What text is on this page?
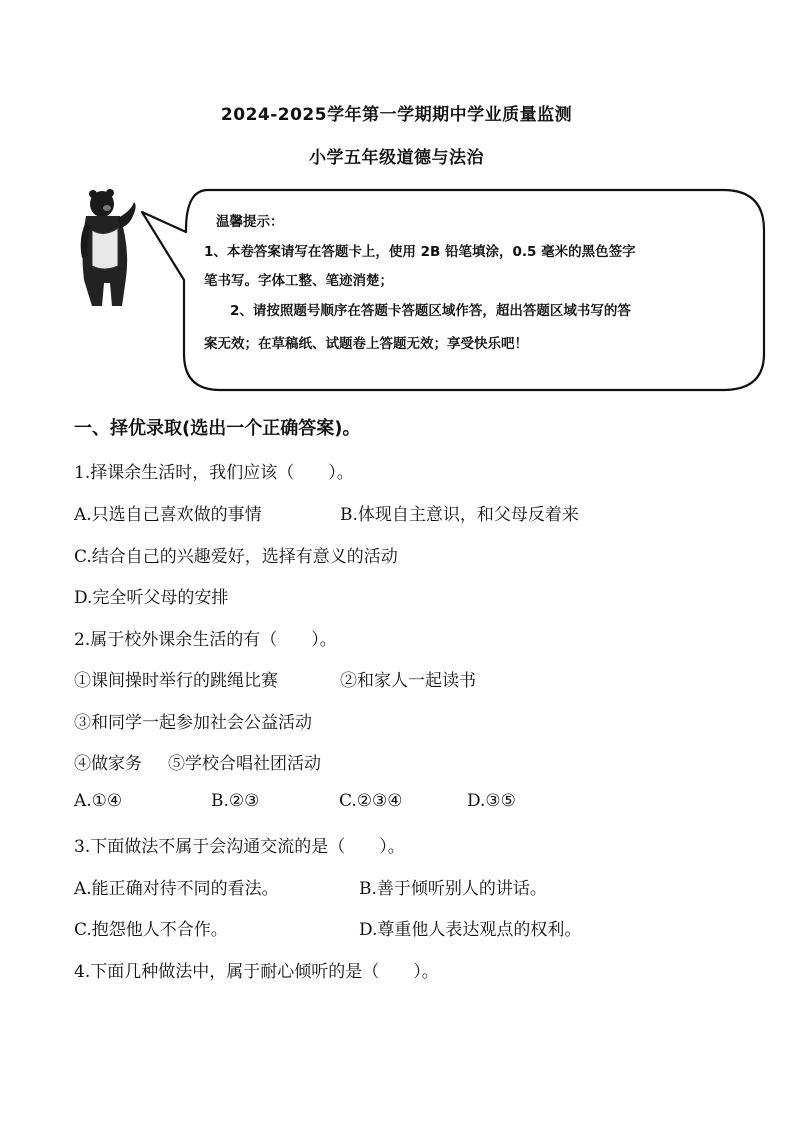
2024-2025学年第一学期期中学业质量监测
小学五年级道德与法治
温馨提示：
1、本卷答案请写在答题卡上，使用 2B 铅笔填涂，0.5 毫米的黑色签字
笔书写。字体工整、笔迹消楚；
2、请按照题号顺序在答题卡答题区域作答，超出答题区域书写的答
案无效；在草稿纸、试题卷上答题无效；享受快乐吧！
一、择优录取(选出一个正确答案)。
1.择课余生活时，我们应该（　　）。
A.只选自己喜欢做的事情	B.体现自主意识，和父母反着来
C.结合自己的兴趣爱好，选择有意义的活动
D.完全听父母的安排
2.属于校外课余生活的有（　　）。
①课间操时举行的跳绳比赛	②和家人一起读书
③和同学一起参加社会公益活动
④做家务 ⑤学校合唱社团活动
A.①④	B.②③	C.②③④	D.③⑤
3.下面做法不属于会沟通交流的是（　　）。
A.能正确对待不同的看法。	B.善于倾听别人的讲话。
C.抱怨他人不合作。	D.尊重他人表达观点的权利。
4.下面几种做法中，属于耐心倾听的是（　　）。
